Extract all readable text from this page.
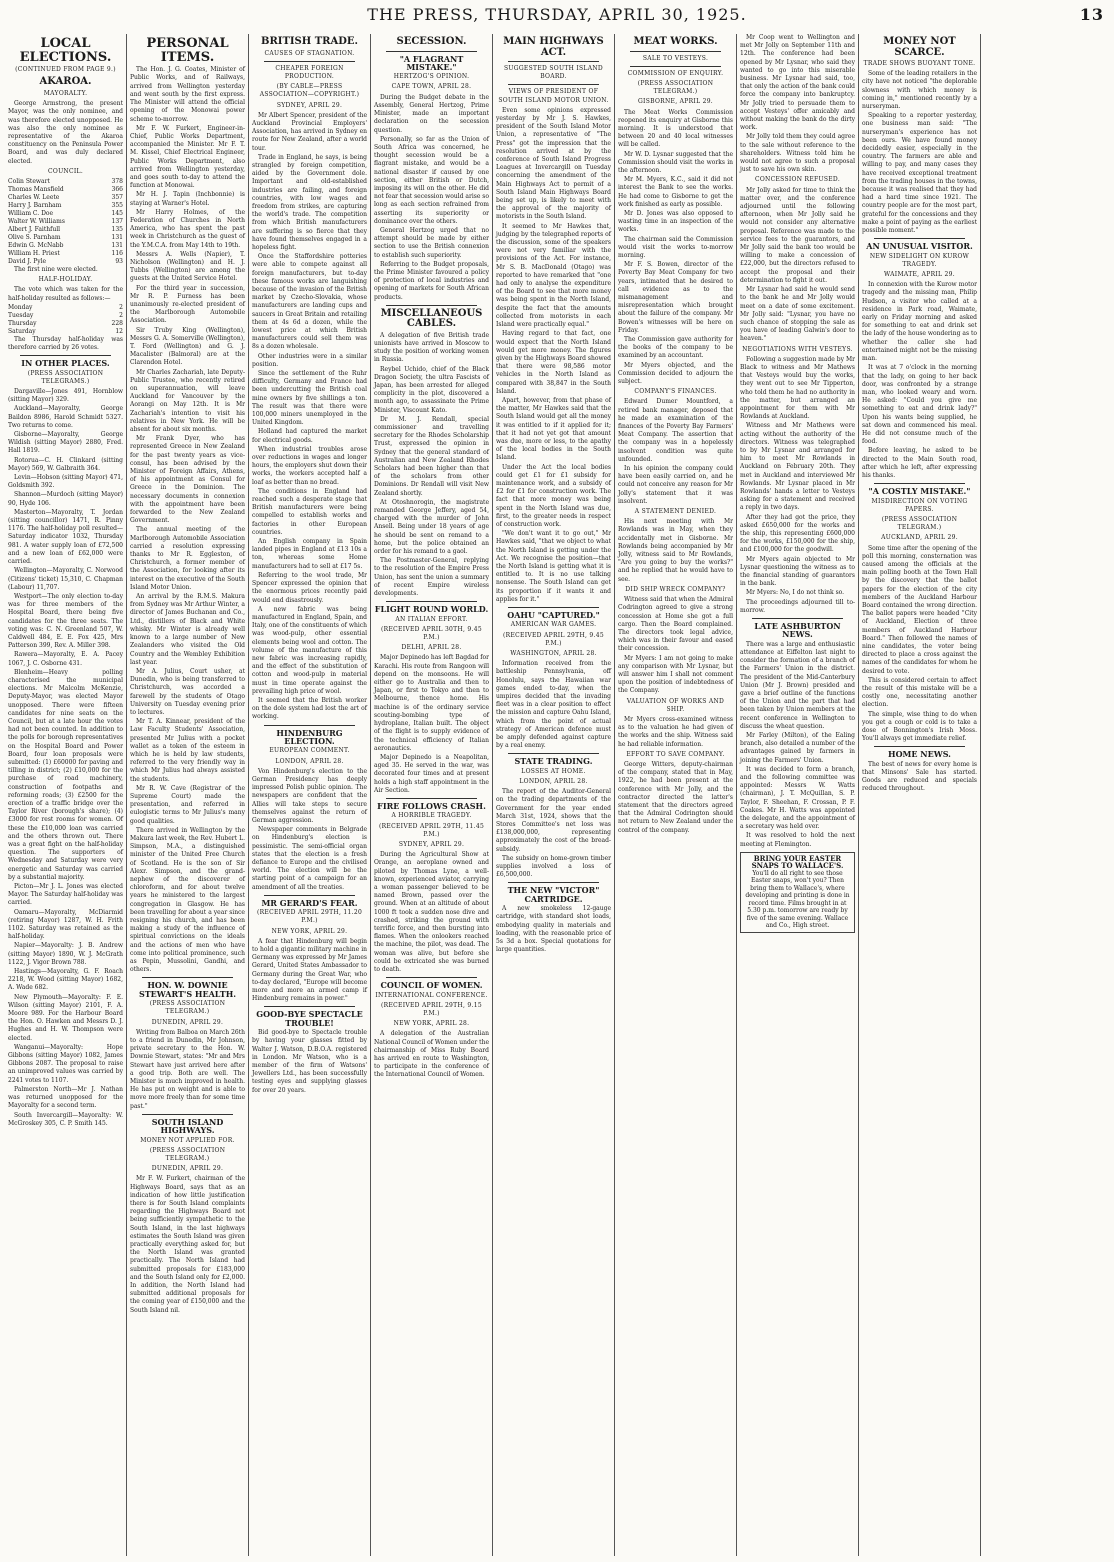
THE PRESS, THURSDAY, APRIL 30, 1925.	13
LOCAL ELECTIONS.
(CONTINUED FROM PAGE 9.)
AKAROA.
MAYORALTY.

George Armstrong, the present Mayor, was the only nominee, and was therefore elected unopposed. He was also the only nominee as representative of the Akaroa constituency on the Peninsula Power Board, and was duly declared elected.

COUNCIL.
Colin Stewart	378
Thomas Mansfield	366
Charles W. Leete	357
Harry J. Barnham	355
William C. Doe	145
Walter W. Williams	137
Albert J. Faithfull	135
Olive S. Parnham	131
Edwin G. McNabb	131
William H. Priest	116
David J. Pyle	93

The first nine were elected.

HALF-HOLIDAY.

The vote which was taken for the half-holiday resulted as follows:—

Monday	2
Tuesday	2
Thursday	228
Saturday	12

The Thursday half-holiday was therefore carried by 26 votes.

IN OTHER PLACES.
(PRESS ASSOCIATION TELEGRAMS.)

Dargaville—Jones 491, Hornblow (sitting Mayor) 329.

Auckland—Mayoralty, George Baildon 8986, Harold Schmidt 5327. Two returns to come.

Gisborne—Mayoralty, George Wildish (sitting Mayor) 2880, Fred. Hall 1819.

Rotorua—C. H. Clinkard (sitting Mayor) 569, W. Galbraith 364.

Levin—Hobson (sitting Mayor) 471, Goldsmith 392.

Shannon—Murdoch (sitting Mayor) 90, Hyde 106.

Masterton—Mayoralty, T. Jordan (sitting councillor) 1471, R. Pinny 1176. The half-holiday poll resulted—Saturday indicator 1032, Thursday 981. A water supply loan of £72,500 and a new loan of £62,000 were carried.

Wellington—Mayoralty, C. Norwood (Citizens' ticket) 15,310, C. Chapman (Labour) 11,707.

Westport—The only election to-day was for three members of the Hospital Board, there being five candidates for the three seats. The voting was: C. N. Greenland 507, W. Caldwell 484, E. E. Fox 425, Mrs Patterson 399, Rev. A. Miller 398.

Rawera—Mayoralty, E. A. Pacey 1067, J. C. Osborne 431.

Blenheim—Heavy polling characterised the municipal elections. Mr Malcolm McKenzie, Deputy-Mayor, was elected Mayor unopposed. There were fifteen candidates for nine seats on the Council, but at a late hour the votes had not been counted. In addition to the polls for borough representatives on the Hospital Board and Power Board, four loan proposals were submitted: (1) £60000 for paving and tilling in district; (2) £10,000 for the purchase of road machinery, construction of footpaths and reforming roads; (3) £2500 for the erection of a traffic bridge over the Taylor River (borough's share); (4) £3000 for rest rooms for women. Of these the £10,000 loan was carried and the others thrown out. There was a great fight on the half-holiday question. The supporters of Wednesday and Saturday were very energetic and Saturday was carried by a substantial majority.

Picton—Mr J. L. Jones was elected Mayor. The Saturday half-holiday was carried.

Oamaru—Mayoralty, McDiarmid (retiring Mayor) 1287, W. H. Frith 1102. Saturday was retained as the half-holiday.

Napier—Mayoralty: J. B. Andrew (sitting Mayor) 1890, W. J. McGrath 1122, J. Vigor Brown 788.

Hastings—Mayoralty, G. F. Roach 2218, W. Wood (sitting Mayor) 1682, A. Wade 682.

New Plymouth—Mayoralty: F. E. Wilson (sitting Mayor) 2101, F. A. Moore 989. For the Harbour Board the Hon. O. Hawken and Messrs D. J. Hughes and H. W. Thompson were elected.

Wanganui—Mayoralty: Hope Gibbons (sitting Mayor) 1082, James Gibbons 2087. The proposal to raise an unimproved values was carried by 2241 votes to 1107.

Palmerston North—Mr J. Nathan was returned unopposed for the Mayoralty for a second term.

South Invercargill—Mayoralty: W. McGroskey 305, C. P. Smith 145.

PERSONAL ITEMS.

The Hon. J. G. Coates, Minister of Public Works, and of Railways, arrived from Wellington yesterday and went south by the first express. The Minister will attend the official opening of the Monowai power scheme to-morrow.

Mr F. W. Furkert, Engineer-in-Chief, Public Works Department, accompanied the Minister. Mr F. T. M. Kissel, Chief Electrical Engineer, Public Works Department, also arrived from Wellington yesterday, and goes south to-day to attend the function at Monowai.

Mr H. J. Tapin (Inchbonnie) is staying at Warner's Hotel.

Mr Harry Holmes, of the Federation of Churches in North America, who has spent the past week in Christchurch as the guest of the Y.M.C.A. from May 14th to 19th.

Messrs A. Wells (Napier), T. Nicholson (Wellington) and H. J. Tubbs (Wellington) are among the guests at the United Service Hotel.

For the third year in succession, Mr R. P. Furness has been unanimously re-elected president of the Marlborough Automobile Association.

Sir Truby King (Wellington), Messrs G. A. Somerville (Wellington), T. Ford (Wellington) and G. J. Macalister (Balmoral) are at the Clarendon Hotel.

Mr Charles Zachariah, late Deputy-Public Trustee, who recently retired on superannuation, will leave Auckland for Vancouver by the Aorangi on May 12th. It is Mr Zachariah's intention to visit his relatives in New York. He will be absent for about six months.

Mr Frank Dyer, who has represented Greece in New Zealand for the past twenty years as vice-consul, has been advised by the Minister of Foreign Affairs, Athens, of his appointment as Consul for Greece in the Dominion. The necessary documents in connexion with the appointment have been forwarded to the New Zealand Government.

The annual meeting of the Marlborough Automobile Association carried a resolution expressing thanks to Mr R. Eggleston, of Christchurch, a former member of the Association, for looking after its interest on the executive of the South Island Motor Union.

An arrival by the R.M.S. Makura from Sydney was Mr Arthur Winter, a director of James Buchanan and Co., Ltd., distillers of Black and White whisky. Mr Winter is already well known to a large number of New Zealanders who visited the Old Country and the Wembley Exhibition last year.

Mr A. Julius, Court usher, at Dunedin, who is being transferred to Christchurch, was accorded a farewell by the students of Otago University on Tuesday evening prior to lectures.

Mr T. A. Kinnear, president of the Law Faculty Students' Association, presented Mr Julius with a pocket wallet as a token of the esteem in which he is held by law students, referred to the very friendly way in which Mr Julius had always assisted the students.

Mr R. W. Cave (Registrar of the Supreme Court) made the presentation, and referred in eulogistic terms to Mr Julius's many good qualities.

There arrived in Wellington by the Makura last week, the Rev. Hubert L. Simpson, M.A., a distinguished minister of the United Free Church of Scotland. He is the son of Sir Alexr. Simpson, and the grand-nephew of the discoverer of chloroform, and for about twelve years he ministered to the largest congregation in Glasgow. He has been travelling for about a year since resigning his church, and has been making a study of the influence of spiritual convictions on the ideals and the actions of men who have come into political prominence, such as Pepin, Mussolini, Gandhi, and others.

HON. W. DOWNIE STEWART'S HEALTH.
(PRESS ASSOCIATION TELEGRAM.)
DUNEDIN, APRIL 29.

Writing from Balboa on March 26th to a friend in Dunedin, Mr Johnson, private secretary to the Hon. W. Downie Stewart, states: "Mr and Mrs Stewart have just arrived here after a good trip. Both are well. The Minister is much improved in health. He has put on weight and is able to move more freely than for some time past."

SOUTH ISLAND HIGHWAYS.
MONEY NOT APPLIED FOR.
(PRESS ASSOCIATION TELEGRAM.)
DUNEDIN, APRIL 29.

Mr F. W. Furkert, chairman of the Highways Board, says that as an indication of how little justification there is for South Island complaints regarding the Highways Board not being sufficiently sympathetic to the South Island, in the last highways estimates the South Island was given practically everything asked for, but the North Island was granted practically. The North Island had submitted proposals for £183,000 and the South Island only for £2,000. In addition, the North Island had submitted additional proposals for the coming year of £150,000 and the South Island nil.

BRITISH TRADE.
CAUSES OF STAGNATION.
CHEAPER FOREIGN PRODUCTION.
(BY CABLE—PRESS ASSOCIATION—COPYRIGHT.)
SYDNEY, APRIL 29.

Mr Albert Spencer, president of the Auckland Provincial Employers' Association, has arrived in Sydney en route for New Zealand, after a world tour.

Trade in England, he says, is being strangled by foreign competition, aided by the Government dole. Important and old-established industries are failing, and foreign countries, with low wages and freedom from strikes, are capturing the world's trade. The competition from which British manufacturers are suffering is so fierce that they have found themselves engaged in a hopeless fight.

Once the Staffordshire potteries were able to compete against all foreign manufacturers, but to-day these famous works are languishing because of the invasion of the British market by Czecho-Slovakia, whose manufacturers are landing cups and saucers in Great Britain and retailing them at 4s 6d a dozen, while the lowest price at which British manufacturers could sell them was 8s a dozen wholesale.

Other industries were in a similar position.

Since the settlement of the Ruhr difficulty, Germany and France had been undercutting the British coal mine owners by five shillings a ton. The result was that there were 100,000 miners unemployed in the United Kingdom.

Holland had captured the market for electrical goods.

When industrial troubles arose over reductions in wages and longer hours, the employers shut down their works, the workers accepted half a loaf as better than no bread.

The conditions in England had reached such a desperate stage that British manufacturers were being compelled to establish works and factories in other European countries.

An English company in Spain landed pipes in England at £13 10s a ton, whereas some Home manufacturers had to sell at £17 5s.

Referring to the wool trade, Mr Spencer expressed the opinion that the enormous prices recently paid would end disastrously.

A new fabric was being manufactured in England, Spain, and Italy, one of the constituents of which was wood-pulp, other essential elements being wool and cotton. The volume of the manufacture of this new fabric was increasing rapidly, and the effect of the substitution of cotton and wood-pulp in material must in time operate against the prevailing high price of wool.

It seemed that the British worker on the dole system had lost the art of working.

HINDENBURG ELECTION.
EUROPEAN COMMENT.
LONDON, APRIL 28.

Von Hindenburg's election to the German Presidency has deeply impressed Polish public opinion. The newspapers are confident that the Allies will take steps to secure themselves against the return of German aggression.

Newspaper comments in Belgrade on Hindenburg's election is pessimistic. The semi-official organ states that the election is a fresh defiance to Europe and the civilised world. The election will be the starting point of a campaign for an amendment of all the treaties.

MR GERARD'S FEAR.
(RECEIVED APRIL 29TH, 11.20 P.M.)
NEW YORK, APRIL 29.

A fear that Hindenburg will begin to hold a gigantic military machine in Germany was expressed by Mr James Gerard, United States Ambassador to Germany during the Great War, who to-day declared, "Europe will become more and more an armed camp if Hindenburg remains in power."

GOOD-BYE SPECTACLE TROUBLE!

Bid good-bye to Spectacle trouble by having your glasses fitted by Walter J. Watson, D.B.O.A. registered in London. Mr Watson, who is a member of the firm of Watsons' Jewellers Ltd., has been successfully testing eyes and supplying glasses for over 20 years.

SECESSION.
"A FLAGRANT MISTAKE."
HERTZOG'S OPINION.
CAPE TOWN, APRIL 28.

During the Budget debate in the Assembly, General Hertzog, Prime Minister, made an important declaration on the secession question.

Personally, so far as the Union of South Africa was concerned, he thought secession would be a flagrant mistake, and would be a national disaster if caused by one section, either British or Dutch, imposing its will on the other. He did not fear that secession would arise so long as each section refrained from asserting its superiority or dominance over the others.

General Hertzog urged that no attempt should be made by either section to use the British connexion to establish such superiority.

Referring to the Budget proposals, the Prime Minister favoured a policy of protection of local industries and opening of markets for South African products.

MISCELLANEOUS CABLES.

A delegation of five British trade unionists have arrived in Moscow to study the position of working women in Russia.

Reybel Uchido, chief of the Black Dragon Society, the ultra Fascists of Japan, has been arrested for alleged complicity in the plot, discovered a month ago, to assassinate the Prime Minister, Viscount Kato.

Dr M. J. Rendall, special commissioner and travelling secretary for the Rhodes Scholarship Trust, expressed the opinion in Sydney that the general standard of Australian and New Zealand Rhodes Scholars had been higher than that of the scholars from other Dominions. Dr Rendall will visit New Zealand shortly.

At Otoshnorogin, the magistrate remanded George Jeffery, aged 54, charged with the murder of John Ansell. Being under 18 years of age he should be sent on remand to a home, but the police obtained an order for his remand to a gaol.

The Postmaster-General, replying to the resolution of the Empire Press Union, has sent the union a summary of recent Empire wireless developments.

FLIGHT ROUND WORLD.
AN ITALIAN EFFORT.
(RECEIVED APRIL 30TH, 9.45 P.M.)
DELHI, APRIL 28.

Major Depinedo has left Bagdad for Karachi. His route from Rangoon will depend on the monsoons. He will either go to Australia and then to Japan, or first to Tokyo and then to Melbourne, thence home. His machine is of the ordinary service scouting-bombing type of hydroplane, Italian built. The object of the flight is to supply evidence of the technical efficiency of Italian aeronautics.

Major Depinedo is a Neapolitan, aged 35. He served in the war, was decorated four times and at present holds a high staff appointment in the Air Section.

FIRE FOLLOWS CRASH.
A HORRIBLE TRAGEDY.
(RECEIVED APRIL 29TH, 11.45 P.M.)
SYDNEY, APRIL 29.

During the Agricultural Show at Orange, an aeroplane owned and piloted by Thomas Lyne, a well-known, experienced aviator, carrying a woman passenger believed to be named Brown, passed over the ground. When at an altitude of about 1000 ft took a sudden nose dive and crashed, striking the ground with terrific force, and then bursting into flames. When the onlookers reached the machine, the pilot, was dead. The woman was alive, but before she could be extricated she was burned to death.

COUNCIL OF WOMEN.
INTERNATIONAL CONFERENCE.
(RECEIVED APRIL 29TH, 9.15 P.M.)
NEW YORK, APRIL 28.

A delegation of the Australian National Council of Women under the chairmanship of Miss Ruby Board has arrived en route to Washington, to participate in the conference of the International Council of Women.

MAIN HIGHWAYS ACT.
SUGGESTED SOUTH ISLAND BOARD.
VIEWS OF PRESIDENT OF SOUTH ISLAND MOTOR UNION.

Even some opinions expressed yesterday by Mr J. S. Hawkes, president of the South Island Motor Union, a representative of "The Press" got the impression that the resolution arrived at by the conference of South Island Progress Leagues at Invercargill on Tuesday concerning the amendment of the Main Highways Act to permit of a South Island Main Highways Board being set up, is likely to meet with the approval of the majority of motorists in the South Island.

It seemed to Mr Hawkes that, judging by the telegraphed reports of the discussion, some of the speakers were not very familiar with the provisions of the Act. For instance, Mr S. B. MacDonald (Otago) was reported to have remarked that "one had only to analyse the expenditure of the Board to see that more money was being spent in the North Island, despite the fact that the amounts collected from motorists in each Island were practically equal."

Having regard to that fact, one would expect that the North Island would get more money. The figures given by the Highways Board showed that there were 98,586 motor vehicles in the North Island as compared with 38,847 in the South Island.

Apart, however, from that phase of the matter, Mr Hawkes said that the South Island would get all the money it was entitled to if it applied for it; that it had not yet got that amount was due, more or less, to the apathy of the local bodies in the South Island.

Under the Act the local bodies could get £1 for £1 subsidy for maintenance work, and a subsidy of £2 for £1 for construction work. The fact that more money was being spent in the North Island was due, first, to the greater needs in respect of construction work.

"We don't want it to go out," Mr Hawkes said, "that we object to what the North Island is getting under the Act. We recognise the position—that the North Island is getting what it is entitled to. It is no use talking nonsense. The South Island can get its proportion if it wants it and applies for it."

OAHU "CAPTURED."
AMERICAN WAR GAMES.
(RECEIVED APRIL 29TH, 9.45 P.M.)
WASHINGTON, APRIL 28.

Information received from the battleship Pennsylvania, off Honolulu, says the Hawaiian war games ended to-day, when the umpires decided that the invading fleet was in a clear position to effect the mission and capture Oahu Island, which from the point of actual strategy of American defence must be amply defended against capture by a real enemy.

STATE TRADING.
LOSSES AT HOME.
LONDON, APRIL 28.

The report of the Auditor-General on the trading departments of the Government for the year ended March 31st, 1924, shows that the Stores Committee's net loss was £138,000,000, representing approximately the cost of the bread-subsidy.

The subsidy on home-grown timber supplies involved a loss of £6,500,000.

THE NEW "VICTOR" CARTRIDGE.

A new smokeless 12-gauge cartridge, with standard shot loads, embodying quality in materials and loading, with the reasonable price of 5s 3d a box. Special quotations for large quantities.

MEAT WORKS.
SALE TO VESTEYS.
COMMISSION OF ENQUIRY.
(PRESS ASSOCIATION TELEGRAM.)
GISBORNE, APRIL 29.

The Meat Works Commission reopened its enquiry at Gisborne this morning. It is understood that between 20 and 40 local witnesses will be called.

Mr W. D. Lysnar suggested that the Commission should visit the works in the afternoon.

Mr M. Myers, K.C., said it did not interest the Bank to see the works. He had come to Gisborne to get the work finished as early as possible.

Mr D. Jones was also opposed to wasting time in an inspection of the works.

The chairman said the Commission would visit the works to-morrow morning.

Mr F. S. Bowen, director of the Poverty Bay Meat Company for two years, intimated that he desired to call evidence as to the mismanagement and misrepresentation which brought about the failure of the company. Mr Bowen's witnesses will be here on Friday.

The Commission gave authority for the books of the company to be examined by an accountant.

Mr Myers objected, and the Commission decided to adjourn the subject.

COMPANY'S FINANCES.

Edward Dumer Mountford, a retired bank manager, deposed that he made an examination of the finances of the Poverty Bay Farmers' Meat Company. The assertion that the company was in a hopelessly insolvent condition was quite unfounded.

In his opinion the company could have been easily carried on, and he could not conceive any reason for Mr Jolly's statement that it was insolvent.

A STATEMENT DENIED.

His next meeting with Mr Rowlands was in May, when they accidentally met in Gisborne. Mr Rowlands being accompanied by Mr Jolly, witness said to Mr Rowlands, "Are you going to buy the works?" and he replied that he would have to see.

DID SHIP WRECK COMPANY?

Witness said that when the Admiral Codrington agreed to give a strong concession at Home she got a full cargo. Then the Board complained. The directors took legal advice, which was in their favour and eased their concession.

Mr Myers: I am not going to make any comparison with Mr Lysnar, but will answer him I shall not comment upon the position of indebtedness of the Company.

VALUATION OF WORKS AND SHIP.

Mr Myers cross-examined witness as to the valuation he had given of the works and the ship. Witness said he had reliable information.

EFFORT TO SAVE COMPANY.

George Witters, deputy-chairman of the company, stated that in May, 1922, he had been present at the conference with Mr Jolly, and the contractor directed the latter's statement that the directors agreed that the Admiral Codrington should not return to New Zealand under the control of the company.

Mr Coop went to Wellington and met Mr Jolly on September 11th and 12th. The conference had been opened by Mr Lysnar, who said they wanted to go into this miserable business. Mr Lysnar had said, too, that only the action of the bank could force the company into bankruptcy. Mr Jolly tried to persuade them to accept Vesteys' offer amicably and without making the bank do the dirty work.

Mr Jolly told them they could agree to the sale without reference to the shareholders. Witness told him he would not agree to such a proposal just to save his own skin.

CONCESSION REFUSED.

Mr Jolly asked for time to think the matter over, and the conference adjourned until the following afternoon, when Mr Jolly said he would not consider any alternative proposal. Reference was made to the service fees to the guarantors, and Mr Jolly said the bank too would be willing to make a concession of £22,000, but the directors refused to accept the proposal and their determination to fight it out.

Mr Lysnar had said he would send to the bank he and Mr Jolly would meet on a date of some excitement. Mr Jolly said: "Lysnar, you have no such chance of stopping the sale as you have of leading Galwin's door to heaven."

NEGOTIATIONS WITH VESTEYS.

Following a suggestion made by Mr Black to witness and Mr Mathews that Vesteys would buy the works, they went out to see Mr Tipperton, who told them he had no authority in the matter, but arranged an appointment for them with Mr Rowlands at Auckland.

Witness and Mr Mathews were acting without the authority of the directors. Witness was telegraphed to by Mr Lysnar and arranged for him to meet Mr Rowlands in Auckland on February 20th. They met in Auckland and interviewed Mr Rowlands. Mr Lysnar placed in Mr Rowlands' hands a letter to Vesteys asking for a statement and received a reply in two days.

After they had got the price, they asked £650,000 for the works and the ship, this representing £600,000 for the works, £150,000 for the ship, and £100,000 for the goodwill.

Mr Myers again objected to Mr Lysnar questioning the witness as to the financial standing of guarantors in the bank.

Mr Myers: No, I do not think so.

The proceedings adjourned till to-morrow.

LATE ASHBURTON NEWS.

There was a large and enthusiastic attendance at Eiffelton last night to consider the formation of a branch of the Farmers' Union in the district. The president of the Mid-Canterbury Union (Mr J. Brown) presided and gave a brief outline of the functions of the Union and the part that had been taken by Union members at the recent conference in Wellington to discuss the wheat question.

Mr Farley (Milton), of the Ealing branch, also detailed a number of the advantages gained by farmers in joining the Farmers' Union.

It was decided to form a branch, and the following committee was appointed: Messrs W. Watts (chairman), J. T. McQuillan, S. P. Taylor, F. Sheehan, F. Crossan, P. F. Coakes. Mr H. Watts was appointed the delegate, and the appointment of a secretary was held over.

It was resolved to hold the next meeting at Flemington.

BRING YOUR EASTER SNAPS TO WALLACE'S.
You'll do all right to see those Easter snaps, won't you? Then bring them to Wallace's, where developing and printing is done in record time. Films brought in at 5.30 p.m. tomorrow are ready by five of the same evening. Wallace and Co., High street.
MONEY NOT SCARCE.
TRADE SHOWS BUOYANT TONE.

Some of the leading retailers in the city have not noticed "the deplorable slowness with which money is coming in," mentioned recently by a nurseryman.

Speaking to a reporter yesterday, one business man said: "The nurseryman's experience has not been ours. We have found money decidedly easier, especially in the country. The farmers are able and willing to pay, and many cases they have received exceptional treatment from the trading houses in the towns, because it was realised that they had had a hard time since 1921. The country people are for the most part, grateful for the concessions and they make a point of paying as the earliest possible moment."

AN UNUSUAL VISITOR.
NEW SIDELIGHT ON KUROW TRAGEDY.
WAIMATE, APRIL 29.

In connexion with the Kurow motor tragedy and the missing man, Philip Hudson, a visitor who called at a residence in Park road, Waimate, early on Friday morning and asked for something to eat and drink set the lady of the house wondering as to whether the caller she had entertained might not be the missing man.

It was at 7 o'clock in the morning that the lady, on going to her back door, was confronted by a strange man, who looked weary and worn. He asked: "Could you give me something to eat and drink lady?" Upon his wants being supplied, he sat down and commenced his meal. He did not consume much of the food.

Before leaving, he asked to be directed to the Main South road, after which he left, after expressing his thanks.

"A COSTLY MISTAKE."
MISDIRECTION ON VOTING PAPERS.
(PRESS ASSOCIATION TELEGRAM.)
AUCKLAND, APRIL 29.

Some time after the opening of the poll this morning, consternation was caused among the officials at the main polling booth at the Town Hall by the discovery that the ballot papers for the election of the city members of the Auckland Harbour Board contained the wrong direction. The ballot papers were headed "City of Auckland, Election of three members of Auckland Harbour Board." Then followed the names of nine candidates, the voter being directed to place a cross against the names of the candidates for whom he desired to vote.

This is considered certain to affect the result of this mistake will be a costly one, necessitating another election.

The simple, wise thing to do when you get a cough or cold is to take a dose of Bonnington's Irish Moss. You'll always get immediate relief.

HOME NEWS.

The best of news for every home is that Minsons' Sale has started. Goods are reduced and specials reduced throughout.
